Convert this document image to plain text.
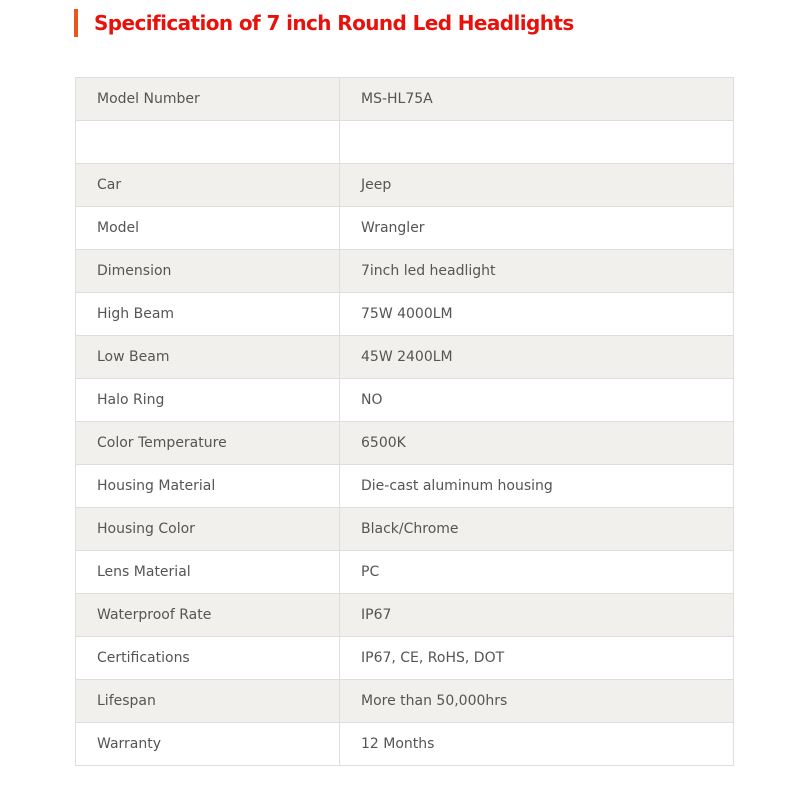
Specification of 7 inch Round Led Headlights
Model Number	MS-HL75A

Car	Jeep
Model	Wrangler
Dimension	7inch led headlight
High Beam	75W 4000LM
Low Beam	45W 2400LM
Halo Ring	NO
Color Temperature	6500K
Housing Material	Die-cast aluminum housing
Housing Color	Black/Chrome
Lens Material	PC
Waterproof Rate	IP67
Certifications	IP67, CE, RoHS, DOT
Lifespan	More than 50,000hrs
Warranty	12 Months
